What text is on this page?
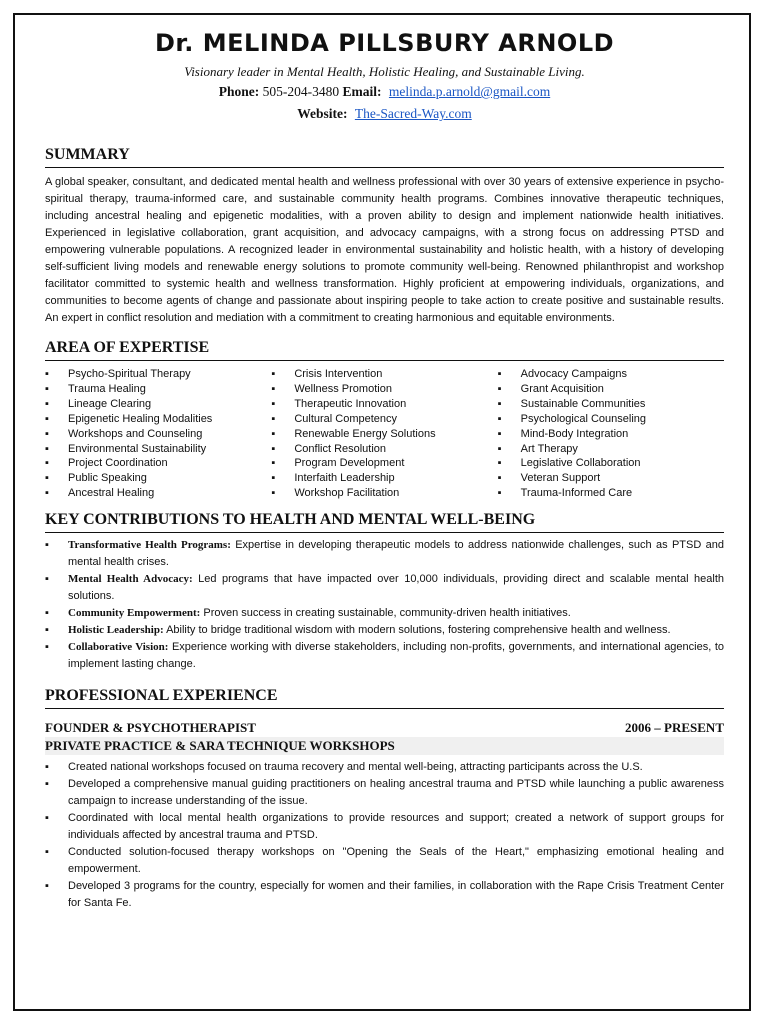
Dr. MELINDA PILLSBURY ARNOLD
Visionary leader in Mental Health, Holistic Healing, and Sustainable Living.
Phone: 505-204-3480 Email: melinda.p.arnold@gmail.com
Website: The-Sacred-Way.com
SUMMARY
A global speaker, consultant, and dedicated mental health and wellness professional with over 30 years of extensive experience in psycho-spiritual therapy, trauma-informed care, and sustainable community health programs. Combines innovative therapeutic techniques, including ancestral healing and epigenetic modalities, with a proven ability to design and implement nationwide health initiatives. Experienced in legislative collaboration, grant acquisition, and advocacy campaigns, with a strong focus on addressing PTSD and empowering vulnerable populations. A recognized leader in environmental sustainability and holistic health, with a history of developing self-sufficient living models and renewable energy solutions to promote community well-being. Renowned philanthropist and workshop facilitator committed to systemic health and wellness transformation. Highly proficient at empowering individuals, organizations, and communities to become agents of change and passionate about inspiring people to take action to create positive and sustainable results. An expert in conflict resolution and mediation with a commitment to creating harmonious and equitable environments.
AREA OF EXPERTISE
▪ Psycho-Spiritual Therapy
▪ Trauma Healing
▪ Lineage Clearing
▪ Epigenetic Healing Modalities
▪ Workshops and Counseling
▪ Environmental Sustainability
▪ Project Coordination
▪ Public Speaking
▪ Ancestral Healing
▪ Crisis Intervention
▪ Wellness Promotion
▪ Therapeutic Innovation
▪ Cultural Competency
▪ Renewable Energy Solutions
▪ Conflict Resolution
▪ Program Development
▪ Interfaith Leadership
▪ Workshop Facilitation
▪ Advocacy Campaigns
▪ Grant Acquisition
▪ Sustainable Communities
▪ Psychological Counseling
▪ Mind-Body Integration
▪ Art Therapy
▪ Legislative Collaboration
▪ Veteran Support
▪ Trauma-Informed Care
KEY CONTRIBUTIONS TO HEALTH AND MENTAL WELL-BEING
▪ Transformative Health Programs: Expertise in developing therapeutic models to address nationwide challenges, such as PTSD and mental health crises.
▪ Mental Health Advocacy: Led programs that have impacted over 10,000 individuals, providing direct and scalable mental health solutions.
▪ Community Empowerment: Proven success in creating sustainable, community-driven health initiatives.
▪ Holistic Leadership: Ability to bridge traditional wisdom with modern solutions, fostering comprehensive health and wellness.
▪ Collaborative Vision: Experience working with diverse stakeholders, including non-profits, governments, and international agencies, to implement lasting change.
PROFESSIONAL EXPERIENCE
FOUNDER & PSYCHOTHERAPIST	2006 – PRESENT
PRIVATE PRACTICE & SARA TECHNIQUE WORKSHOPS
▪ Created national workshops focused on trauma recovery and mental well-being, attracting participants across the U.S.
▪ Developed a comprehensive manual guiding practitioners on healing ancestral trauma and PTSD while launching a public awareness campaign to increase understanding of the issue.
▪ Coordinated with local mental health organizations to provide resources and support; created a network of support groups for individuals affected by ancestral trauma and PTSD.
▪ Conducted solution-focused therapy workshops on "Opening the Seals of the Heart," emphasizing emotional healing and empowerment.
▪ Developed 3 programs for the country, especially for women and their families, in collaboration with the Rape Crisis Treatment Center for Santa Fe.
